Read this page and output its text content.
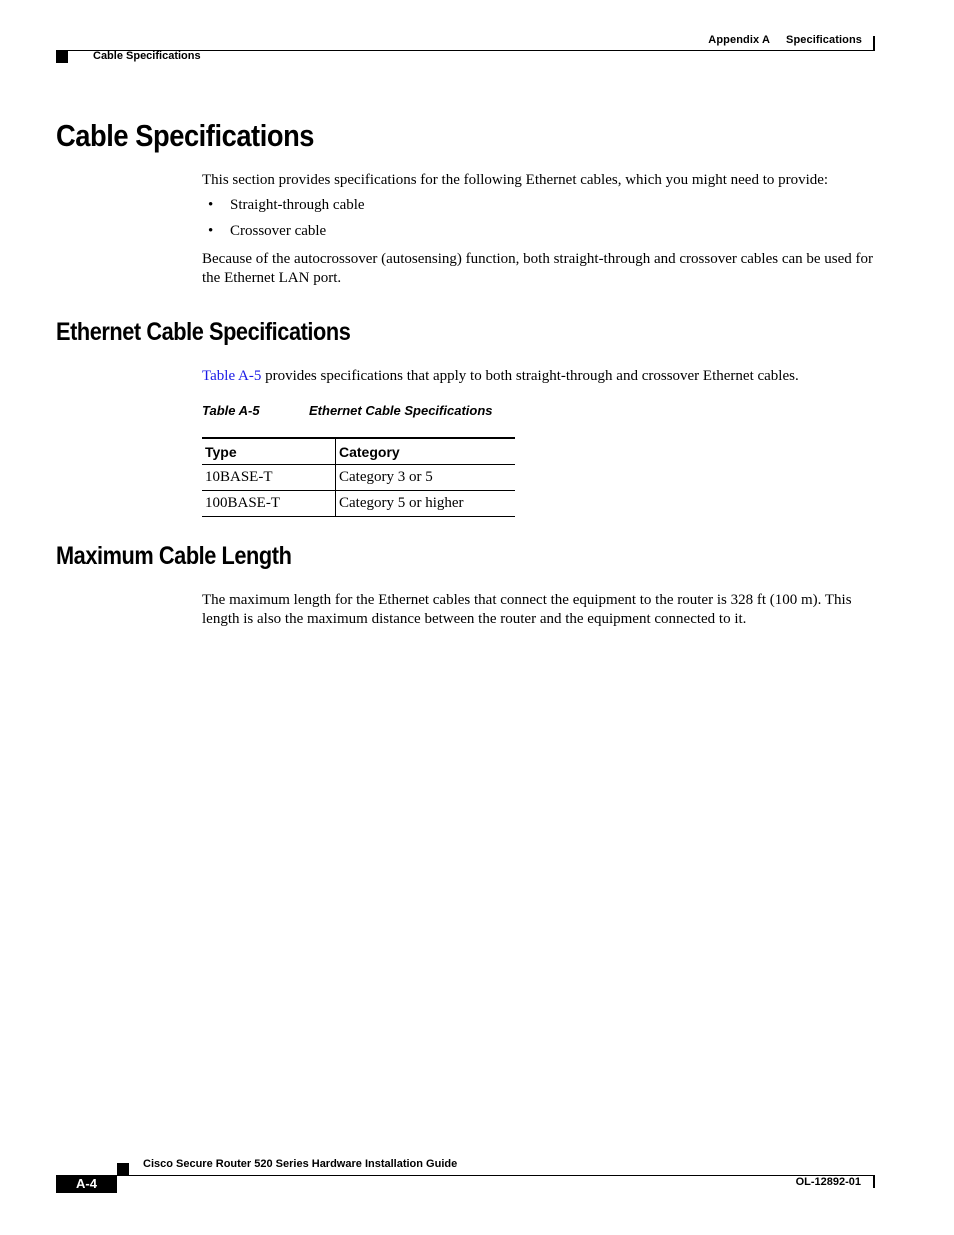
Appendix A Specifications
Cable Specifications
Cable Specifications
This section provides specifications for the following Ethernet cables, which you might need to provide:
• Straight-through cable
• Crossover cable
Because of the autocrossover (autosensing) function, both straight-through and crossover cables can be used for the Ethernet LAN port.
Ethernet Cable Specifications
Table A-5 provides specifications that apply to both straight-through and crossover Ethernet cables.
Table A-5	Ethernet Cable Specifications
Type	Category
10BASE-T	Category 3 or 5
100BASE-T	Category 5 or higher
Maximum Cable Length
The maximum length for the Ethernet cables that connect the equipment to the router is 328 ft (100 m). This length is also the maximum distance between the router and the equipment connected to it.
Cisco Secure Router 520 Series Hardware Installation Guide
A-4	OL-12892-01
